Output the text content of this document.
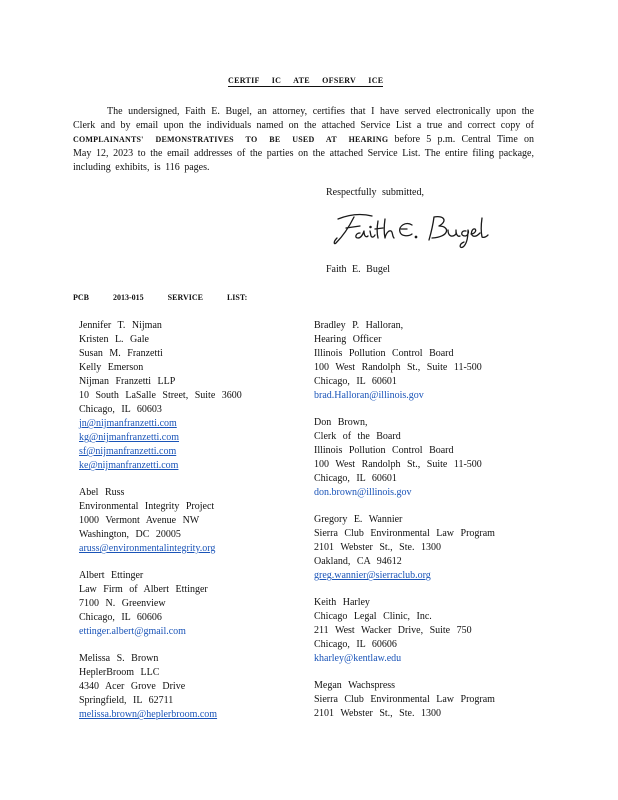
CERTIF IC ATE OFSERV ICE
The undersigned, Faith E. Bugel, an attorney, certifies that I have served electronically upon the Clerk and by email upon the individuals named on the attached Service List a true and correct copy of COMPLAINANTS' DEMONSTRATIVES TO BE USED AT HEARING before 5 p.m. Central Time on May 12, 2023 to the email addresses of the parties on the attached Service List. The entire filing package, including exhibits, is 116 pages.
Respectfully submitted,
Faith E. Bugel
PCB 2013-015 SERVICE LIST:
Jennifer T. Nijman
Kristen L. Gale
Susan M. Franzetti
Kelly Emerson
Nijman Franzetti LLP
10 South LaSalle Street, Suite 3600
Chicago, IL 60603
jn@nijmanfranzetti.com
kg@nijmanfranzetti.com
sf@nijmanfranzetti.com
ke@nijmanfranzetti.com
Abel Russ
Environmental Integrity Project
1000 Vermont Avenue NW
Washington, DC 20005
aruss@environmentalintegrity.org
Albert Ettinger
Law Firm of Albert Ettinger
7100 N. Greenview
Chicago, IL 60606
ettinger.albert@gmail.com
Melissa S. Brown
HeplerBroom LLC
4340 Acer Grove Drive
Springfield, IL 62711
melissa.brown@heplerbroom.com
Bradley P. Halloran,
Hearing Officer
Illinois Pollution Control Board
100 West Randolph St., Suite 11-500
Chicago, IL 60601
brad.Halloran@illinois.gov
Don Brown,
Clerk of the Board
Illinois Pollution Control Board
100 West Randolph St., Suite 11-500
Chicago, IL 60601
don.brown@illinois.gov
Gregory E. Wannier
Sierra Club Environmental Law Program
2101 Webster St., Ste. 1300
Oakland, CA 94612
greg.wannier@sierraclub.org
Keith Harley
Chicago Legal Clinic, Inc.
211 West Wacker Drive, Suite 750
Chicago, IL 60606
kharley@kentlaw.edu
Megan Wachspress
Sierra Club Environmental Law Program
2101 Webster St., Ste. 1300
